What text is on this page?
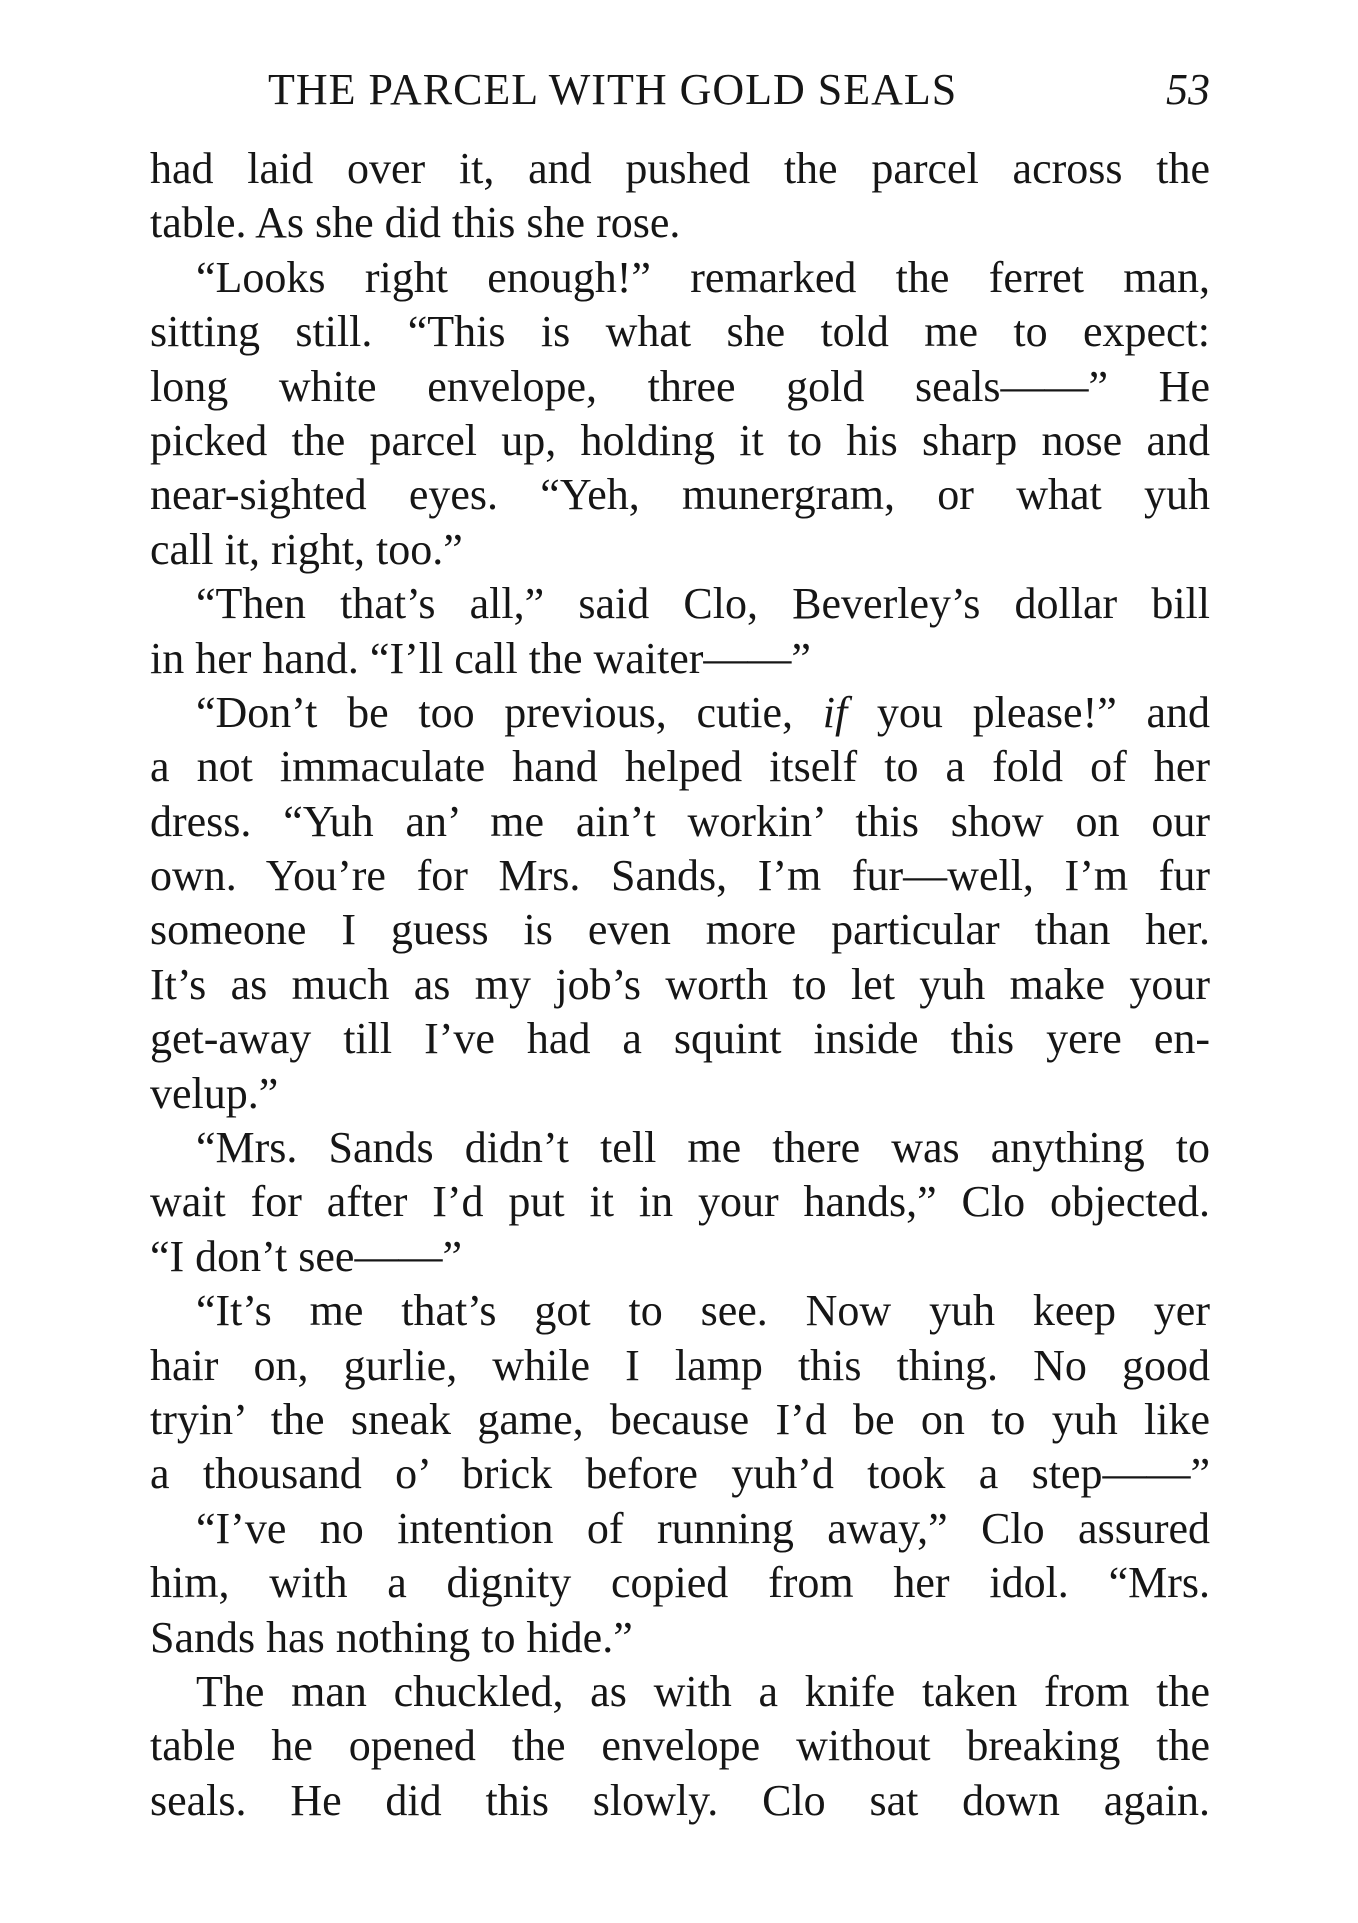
THE PARCEL WITH GOLD SEALS	53
had laid over it, and pushed the parcel across the
table. As she did this she rose.
“Looks right enough!” remarked the ferret man,
sitting still. “This is what she told me to expect:
long white envelope, three gold seals——” He
picked the parcel up, holding it to his sharp nose and
near-sighted eyes. “Yeh, munergram, or what yuh
call it, right, too.”
“Then that’s all,” said Clo, Beverley’s dollar bill
in her hand. “I’ll call the waiter——”
“Don’t be too previous, cutie, if you please!” and
a not immaculate hand helped itself to a fold of her
dress. “Yuh an’ me ain’t workin’ this show on our
own. You’re for Mrs. Sands, I’m fur—well, I’m fur
someone I guess is even more particular than her.
It’s as much as my job’s worth to let yuh make your
get-away till I’ve had a squint inside this yere en-
velup.”
“Mrs. Sands didn’t tell me there was anything to
wait for after I’d put it in your hands,” Clo objected.
“I don’t see——”
“It’s me that’s got to see. Now yuh keep yer
hair on, gurlie, while I lamp this thing. No good
tryin’ the sneak game, because I’d be on to yuh like
a thousand o’ brick before yuh’d took a step——”
“I’ve no intention of running away,” Clo assured
him, with a dignity copied from her idol. “Mrs.
Sands has nothing to hide.”
The man chuckled, as with a knife taken from the
table he opened the envelope without breaking the
seals. He did this slowly. Clo sat down again.
